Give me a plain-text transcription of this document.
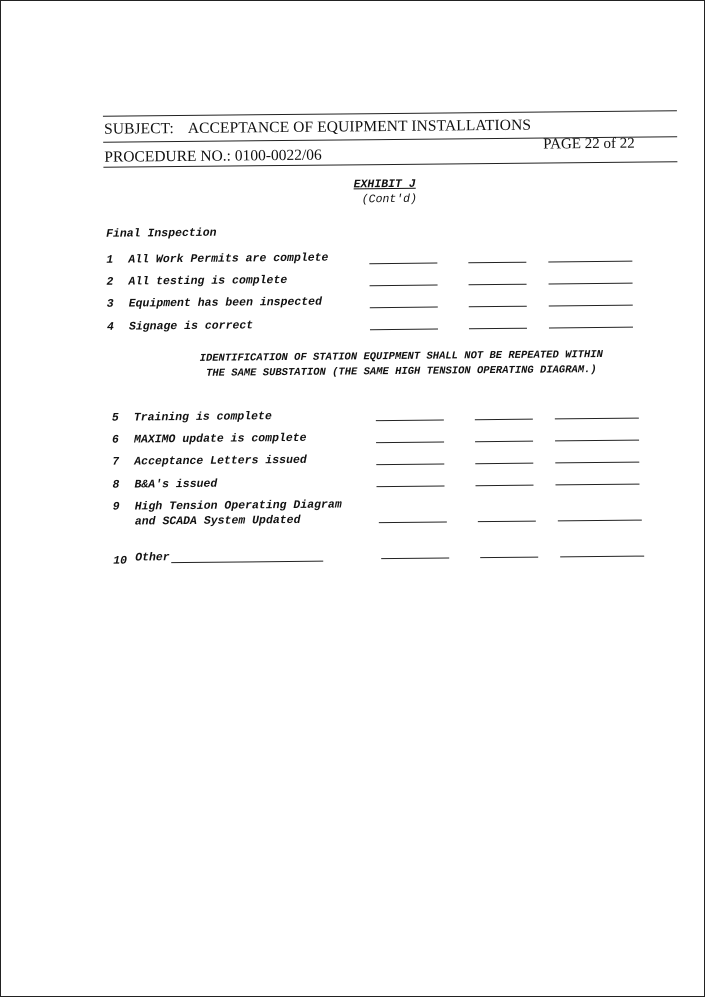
SUBJECT: ACCEPTANCE OF EQUIPMENT INSTALLATIONS
PROCEDURE NO.: 0100-0022/06
PAGE 22 of 22
EXHIBIT J
(Cont'd)
Final Inspection
1 All Work Permits are complete
2 All testing is complete
3 Equipment has been inspected
4 Signage is correct
IDENTIFICATION OF STATION EQUIPMENT SHALL NOT BE REPEATED WITHIN
THE SAME SUBSTATION (THE SAME HIGH TENSION OPERATING DIAGRAM.)
5 Training is complete
6 MAXIMO update is complete
7 Acceptance Letters issued
8 B&A's issued
9 High Tension Operating Diagram
and SCADA System Updated
10 Other
